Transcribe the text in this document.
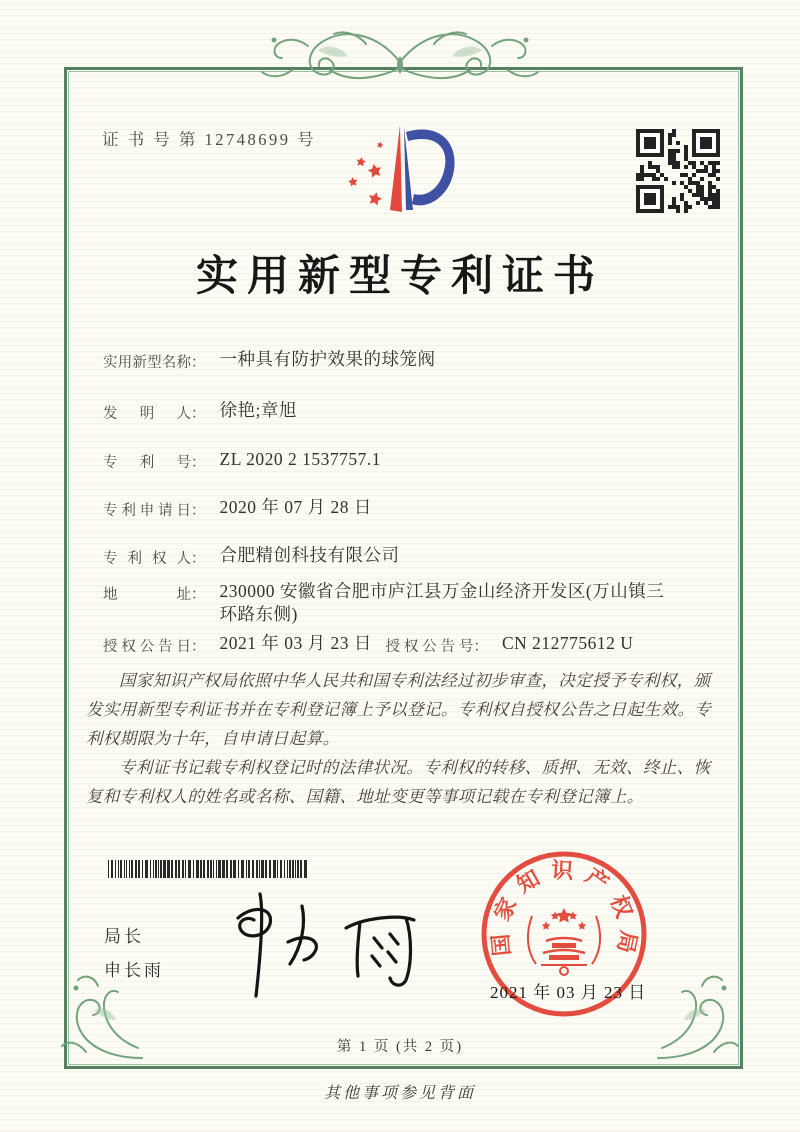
证 书 号 第 12748699 号
实用新型专利证书
实用新型名称 ： 一种具有防护效果的球笼阀
发明人 ： 徐艳;章旭
专利号 ： ZL 2020 2 1537757.1
专利申请日 ： 2020 年 07 月 28 日
专利权人 ： 合肥精创科技有限公司
地址 ： 230000 安徽省合肥市庐江县万金山经济开发区(万山镇三环路东侧)
授权公告日 ： 2021 年 03 月 23 日 授权公告号 ： CN 212775612 U

国家知识产权局依照中华人民共和国专利法经过初步审查，决定授予专利权，颁发实用新型专利证书并在专利登记簿上予以登记。专利权自授权公告之日起生效。专利权期限为十年，自申请日起算。

专利证书记载专利权登记时的法律状况。专利权的转移、质押、无效、终止、恢复和专利权人的姓名或名称、国籍、地址变更等事项记载在专利登记簿上。

局长
申长雨
国家知识产权局
2021 年 03 月 23 日
第 1 页 (共 2 页)
其他事项参见背面
